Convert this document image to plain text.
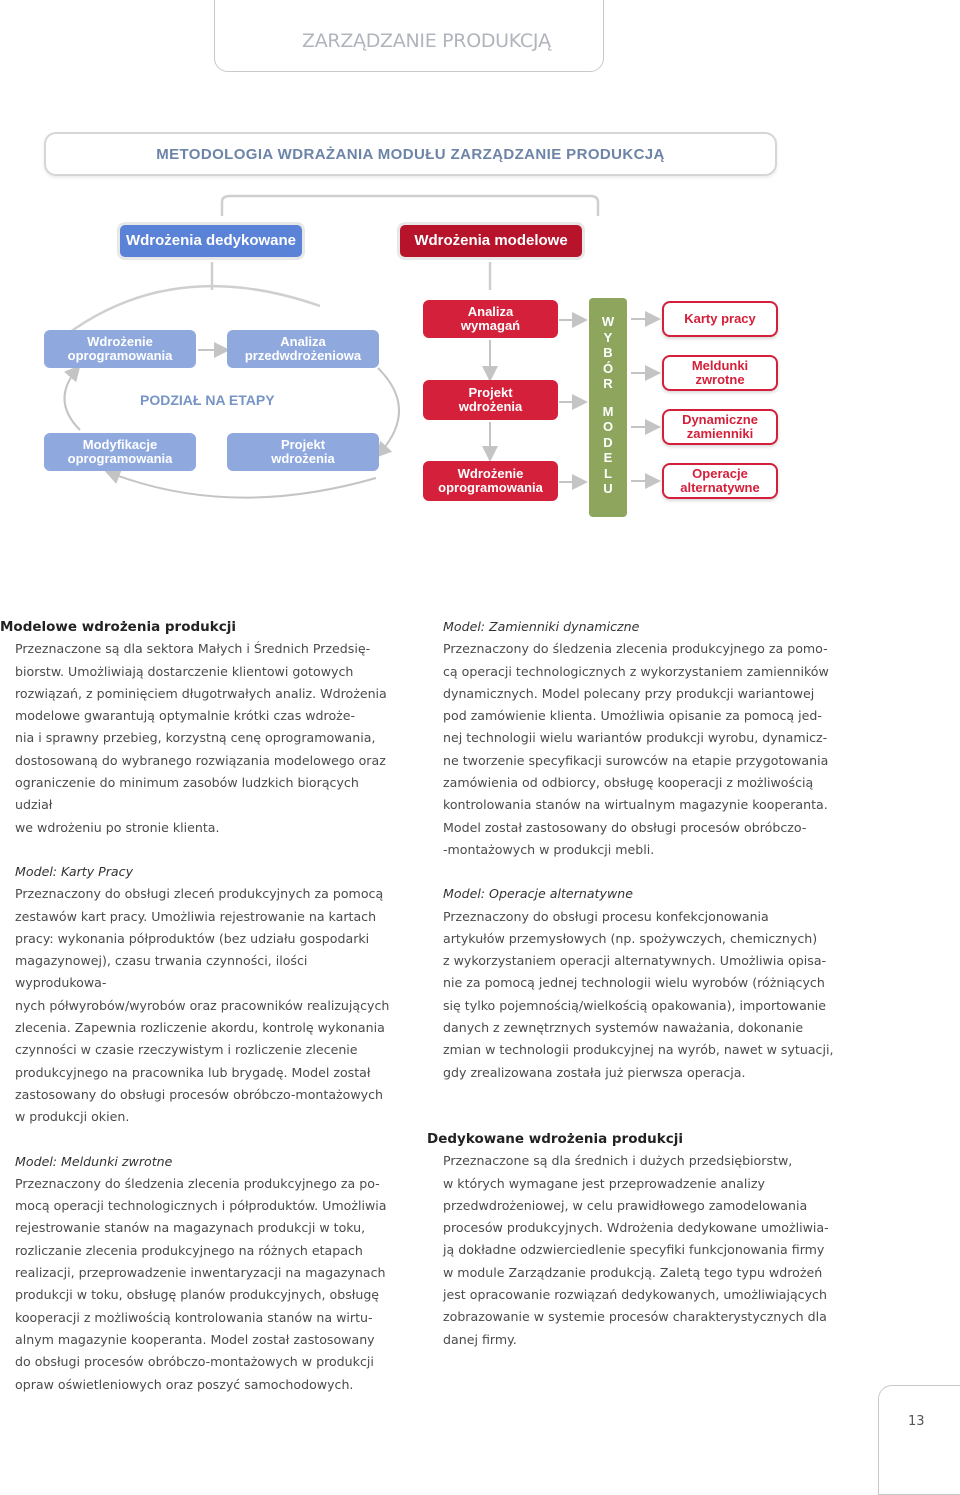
ZARZĄDZANIE PRODUKCJĄ
METODOLOGIA WDRAŻANIA MODUŁU ZARZĄDZANIE PRODUKCJĄ
Wdrożenia dedykowane	Wdrożenia modelowe
Wdrożenie
oprogramowania
Analiza
przedwdrożeniowa
Modyfikacje
oprogramowania
Projekt
wdrożenia
PODZIAŁ NA ETAPY
Analiza
wymagań
Projekt
wdrożenia
Wdrożenie
oprogramowania
W
Y
B
Ó
R
M
O
D
E
L
U
Karty pracy
Meldunki
zwrotne
Dynamiczne
zamienniki
Operacje
alternatywne

Modelowe wdrożenia produkcji

Przeznaczone są dla sektora Małych i Średnich Przedsię-

biorstw. Umożliwiają dostarczenie klientowi gotowych

rozwiązań, z pominięciem długotrwałych analiz. Wdrożenia

modelowe gwarantują optymalnie krótki czas wdroże-

nia i sprawny przebieg, korzystną cenę oprogramowania,

dostosowaną do wybranego rozwiązania modelowego oraz

ograniczenie do minimum zasobów ludzkich biorących udział

we wdrożeniu po stronie klienta.

Model: Karty Pracy

Przeznaczony do obsługi zleceń produkcyjnych za pomocą

zestawów kart pracy. Umożliwia rejestrowanie na kartach

pracy: wykonania półproduktów (bez udziału gospodarki

magazynowej), czasu trwania czynności, ilości wyprodukowa-

nych półwyrobów/wyrobów oraz pracowników realizujących

zlecenia. Zapewnia rozliczenie akordu, kontrolę wykonania

czynności w czasie rzeczywistym i rozliczenie zlecenie

produkcyjnego na pracownika lub brygadę. Model został

zastosowany do obsługi procesów obróbczo-montażowych

w produkcji okien.

Model: Meldunki zwrotne

Przeznaczony do śledzenia zlecenia produkcyjnego za po-

mocą operacji technologicznych i półproduktów. Umożliwia

rejestrowanie stanów na magazynach produkcji w toku,

rozliczanie zlecenia produkcyjnego na różnych etapach

realizacji, przeprowadzenie inwentaryzacji na magazynach

produkcji w toku, obsługę planów produkcyjnych, obsługę

kooperacji z możliwością kontrolowania stanów na wirtu-

alnym magazynie kooperanta. Model został zastosowany

do obsługi procesów obróbczo-montażowych w produkcji

opraw oświetleniowych oraz poszyć samochodowych.

Model: Zamienniki dynamiczne

Przeznaczony do śledzenia zlecenia produkcyjnego za pomo-

cą operacji technologicznych z wykorzystaniem zamienników

dynamicznych. Model polecany przy produkcji wariantowej

pod zamówienie klienta. Umożliwia opisanie za pomocą jed-

nej technologii wielu wariantów produkcji wyrobu, dynamicz-

ne tworzenie specyfikacji surowców na etapie przygotowania

zamówienia od odbiorcy, obsługę kooperacji z możliwością

kontrolowania stanów na wirtualnym magazynie kooperanta.

Model został zastosowany do obsługi procesów obróbczo-

-montażowych w produkcji mebli.

Model: Operacje alternatywne

Przeznaczony do obsługi procesu konfekcjonowania

artykułów przemysłowych (np. spożywczych, chemicznych)

z wykorzystaniem operacji alternatywnych. Umożliwia opisa-

nie za pomocą jednej technologii wielu wyrobów (różniących

się tylko pojemnością/wielkością opakowania), importowanie

danych z zewnętrznych systemów naważania, dokonanie

zmian w technologii produkcyjnej na wyrób, nawet w sytuacji,

gdy zrealizowana została już pierwsza operacja.

Dedykowane wdrożenia produkcji

Przeznaczone są dla średnich i dużych przedsiębiorstw,

w których wymagane jest przeprowadzenie analizy

przedwdrożeniowej, w celu prawidłowego zamodelowania

procesów produkcyjnych. Wdrożenia dedykowane umożliwia-

ją dokładne odzwierciedlenie specyfiki funkcjonowania firmy

w module Zarządzanie produkcją. Zaletą tego typu wdrożeń

jest opracowanie rozwiązań dedykowanych, umożliwiających

zobrazowanie w systemie procesów charakterystycznych dla

danej firmy.

13
